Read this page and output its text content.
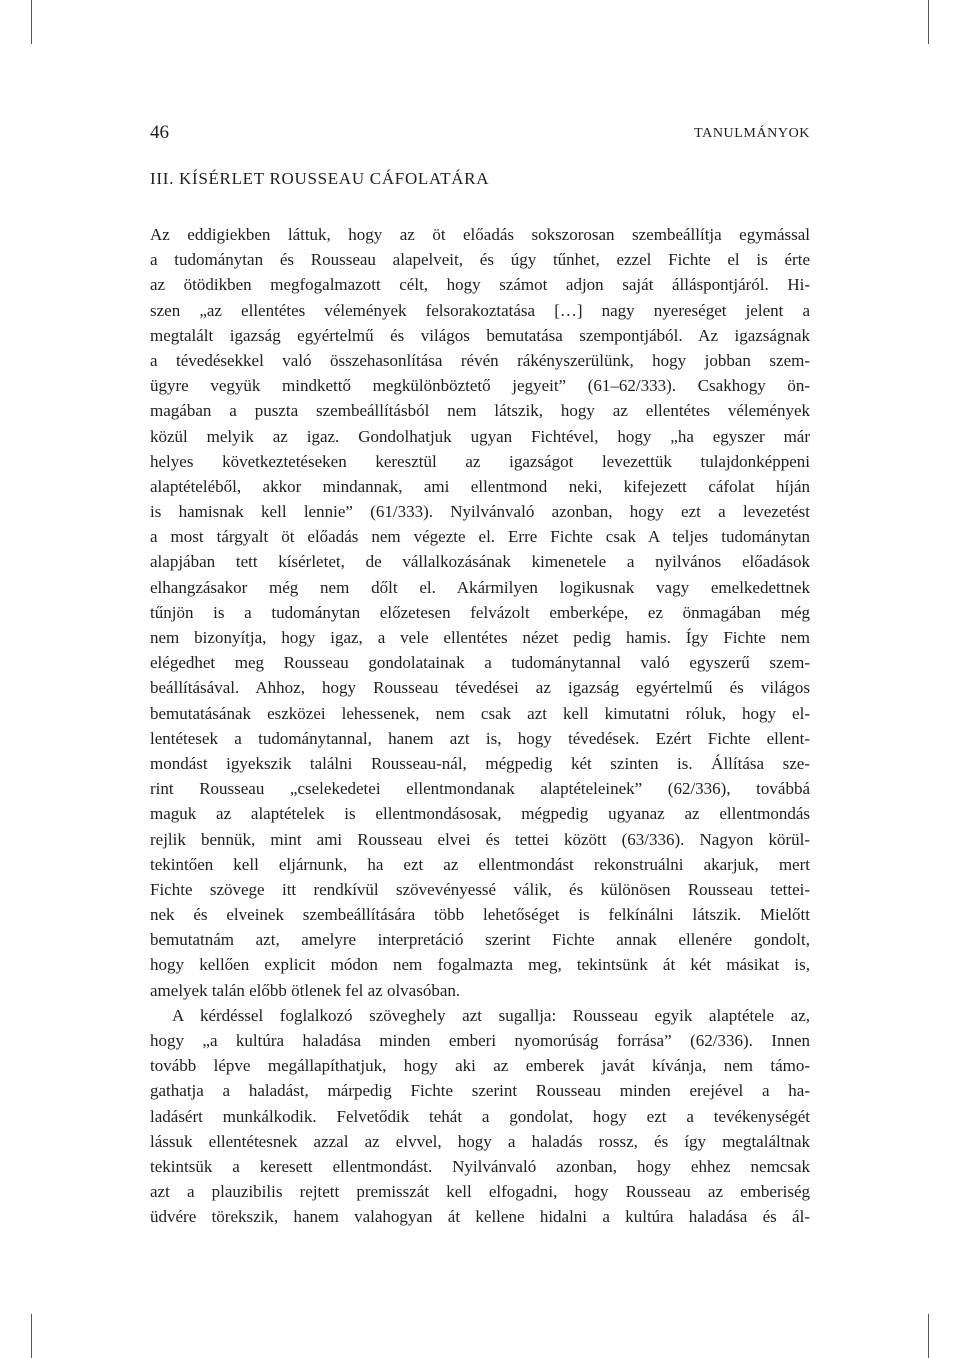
46	TANULMÁNYOK
III. KÍSÉRLET ROUSSEAU CÁFOLATÁRA
Az eddigiekben láttuk, hogy az öt előadás sokszorosan szembeállítja egymással
a tudománytan és Rousseau alapelveit, és úgy tűnhet, ezzel Fichte el is érte
az ötödikben megfogalmazott célt, hogy számot adjon saját álláspontjáról. Hi-
szen „az ellentétes vélemények felsorakoztatása […] nagy nyereséget jelent a
megtalált igazság egyértelmű és világos bemutatása szempontjából. Az igazságnak
a tévedésekkel való összehasonlítása révén rákényszerülünk, hogy jobban szem-
ügyre vegyük mindkettő megkülönböztető jegyeit” (61–62/333). Csakhogy ön-
magában a puszta szembeállításból nem látszik, hogy az ellentétes vélemények
közül melyik az igaz. Gondolhatjuk ugyan Fichtével, hogy „ha egyszer már
helyes következtetéseken keresztül az igazságot levezettük tulajdonképpeni
alaptételéből, akkor mindannak, ami ellentmond neki, kifejezett cáfolat híján
is hamisnak kell lennie” (61/333). Nyilvánvaló azonban, hogy ezt a levezetést
a most tárgyalt öt előadás nem végezte el. Erre Fichte csak A teljes tudománytan
alapjában tett kísérletet, de vállalkozásának kimenetele a nyilvános előadások
elhangzásakor még nem dőlt el. Akármilyen logikusnak vagy emelkedettnek
tűnjön is a tudománytan előzetesen felvázolt emberképe, ez önmagában még
nem bizonyítja, hogy igaz, a vele ellentétes nézet pedig hamis. Így Fichte nem
elégedhet meg Rousseau gondolatainak a tudománytannal való egyszerű szem-
beállításával. Ahhoz, hogy Rousseau tévedései az igazság egyértelmű és világos
bemutatásának eszközei lehessenek, nem csak azt kell kimutatni róluk, hogy el-
lentétesek a tudománytannal, hanem azt is, hogy tévedések. Ezért Fichte ellent-
mondást igyekszik találni Rousseau-nál, mégpedig két szinten is. Állítása sze-
rint Rousseau „cselekedetei ellentmondanak alaptételeinek” (62/336), továbbá
maguk az alaptételek is ellentmondásosak, mégpedig ugyanaz az ellentmondás
rejlik bennük, mint ami Rousseau elvei és tettei között (63/336). Nagyon körül-
tekintően kell eljárnunk, ha ezt az ellentmondást rekonstruálni akarjuk, mert
Fichte szövege itt rendkívül szövevényessé válik, és különösen Rousseau tettei-
nek és elveinek szembeállítására több lehetőséget is felkínálni látszik. Mielőtt
bemutatnám azt, amelyre interpretáció szerint Fichte annak ellenére gondolt,
hogy kellően explicit módon nem fogalmazta meg, tekintsünk át két másikat is,
amelyek talán előbb ötlenek fel az olvasóban.
A kérdéssel foglalkozó szöveghely azt sugallja: Rousseau egyik alaptétele az,
hogy „a kultúra haladása minden emberi nyomorúság forrása” (62/336). Innen
tovább lépve megállapíthatjuk, hogy aki az emberek javát kívánja, nem támo-
gathatja a haladást, márpedig Fichte szerint Rousseau minden erejével a ha-
ladásért munkálkodik. Felvetődik tehát a gondolat, hogy ezt a tevékenységét
lássuk ellentétesnek azzal az elvvel, hogy a haladás rossz, és így megtaláltnak
tekintsük a keresett ellentmondást. Nyilvánvaló azonban, hogy ehhez nemcsak
azt a plauzibilis rejtett premisszát kell elfogadni, hogy Rousseau az emberiség
üdvére törekszik, hanem valahogyan át kellene hidalni a kultúra haladása és ál-
